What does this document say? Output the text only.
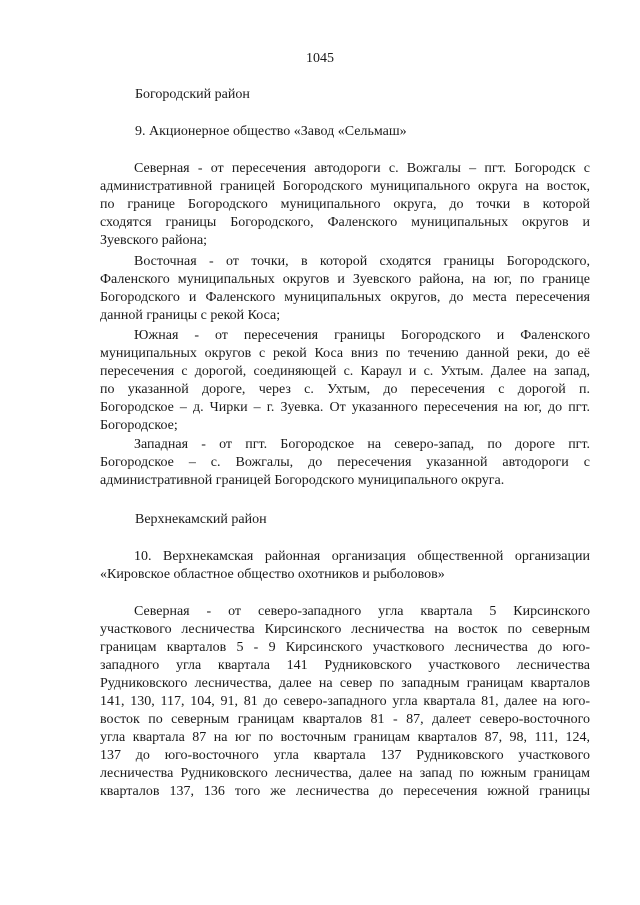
1045
Богородский район
9. Акционерное общество «Завод «Сельмаш»
Северная - от пересечения автодороги с. Вожгалы – пгт. Богородск с
административной границей Богородского муниципального округа на восток,
по границе Богородского муниципального округа, до точки в которой
сходятся границы Богородского, Фаленского муниципальных округов и
Зуевского района;
Восточная - от точки, в которой сходятся границы Богородского,
Фаленского муниципальных округов и Зуевского района, на юг, по границе
Богородского и Фаленского муниципальных округов, до места пересечения
данной границы с рекой Коса;
Южная - от пересечения границы Богородского и Фаленского
муниципальных округов с рекой Коса вниз по течению данной реки, до её
пересечения с дорогой, соединяющей с. Караул и с. Ухтым. Далее на запад,
по указанной дороге, через с. Ухтым, до пересечения с дорогой п.
Богородское – д. Чирки – г. Зуевка. От указанного пересечения на юг, до пгт.
Богородское;
Западная - от пгт. Богородское на северо-запад, по дороге пгт.
Богородское – с. Вожгалы, до пересечения указанной автодороги с
административной границей Богородского муниципального округа.
Верхнекамский район
10. Верхнекамская районная организация общественной организации
«Кировское областное общество охотников и рыболовов»
Северная - от северо-западного угла квартала 5 Кирсинского
участкового лесничества Кирсинского лесничества на восток по северным
границам кварталов 5 - 9 Кирсинского участкового лесничества до юго-
западного угла квартала 141 Рудниковского участкового лесничества
Рудниковского лесничества, далее на север по западным границам кварталов
141, 130, 117, 104, 91, 81 до северо-западного угла квартала 81, далее на юго-
восток по северным границам кварталов 81 - 87, далеет северо-восточного
угла квартала 87 на юг по восточным границам кварталов 87, 98, 111, 124,
137 до юго-восточного угла квартала 137 Рудниковского участкового
лесничества Рудниковского лесничества, далее на запад по южным границам
кварталов 137, 136 того же лесничества до пересечения южной границы
